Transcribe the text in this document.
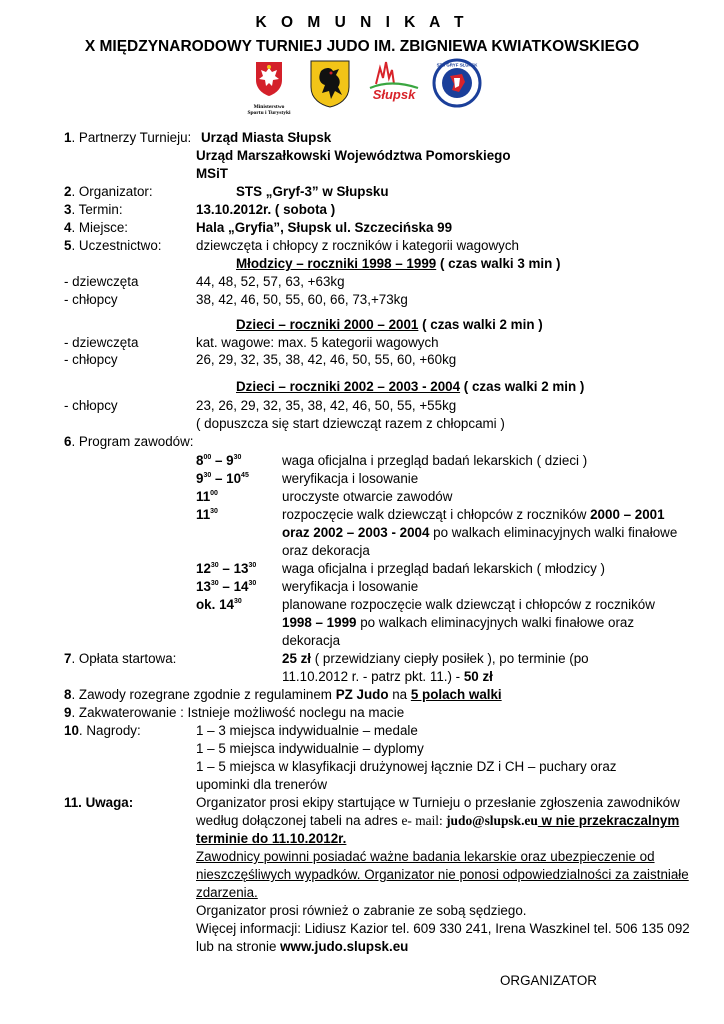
K O M U N I K A T
X MIĘDZYNARODOWY TURNIEJ JUDO IM. ZBIGNIEWA KWIATKOWSKIEGO
Ministerstwo
Sportu i Turystyki
Słupsk
STS GRYF SŁUPSK
1. Partnerzy Turnieju: Urząd Miasta Słupsk
Urząd Marszałkowski Województwa Pomorskiego
MSiT
2. Organizator:	STS „Gryf-3” w Słupsku
3. Termin:	13.10.2012r. ( sobota )
4. Miejsce:	Hala „Gryfia”, Słupsk ul. Szczecińska 99
5. Uczestnictwo:	dziewczęta i chłopcy z roczników i kategorii wagowych
Młodzicy – roczniki 1998 – 1999 ( czas walki 3 min )
- dziewczęta	44, 48, 52, 57, 63, +63kg
- chłopcy	38, 42, 46, 50, 55, 60, 66, 73,+73kg
Dzieci – roczniki 2000 – 2001 ( czas walki 2 min )
- dziewczęta	kat. wagowe: max. 5 kategorii wagowych
- chłopcy	26, 29, 32, 35, 38, 42, 46, 50, 55, 60, +60kg
Dzieci – roczniki 2002 – 2003 - 2004 ( czas walki 2 min )
- chłopcy	23, 26, 29, 32, 35, 38, 42, 46, 50, 55, +55kg
( dopuszcza się start dziewcząt razem z chłopcami )
6. Program zawodów:
$8^{00} - 9^{30}$	waga oficjalna i przegląd badań lekarskich ( dzieci )
$9^{30} - 10^{45}$ weryfikacja i losowanie
$11^{00}$	uroczyste otwarcie zawodów
$11^{30}$	rozpoczęcie walk dziewcząt i chłopców z roczników 2000 – 2001
oraz 2002 – 2003 - 2004 po walkach eliminacyjnych walki finałowe
oraz dekoracja
$12^{30} - 13^{30}$ waga oficjalna i przegląd badań lekarskich ( młodzicy )
$13^{30} - 14^{30}$ weryfikacja i losowanie
ok. $14^{30}$	planowane rozpoczęcie walk dziewcząt i chłopców z roczników
1998 – 1999 po walkach eliminacyjnych walki finałowe oraz
dekoracja
7. Opłata startowa:	25 zł ( przewidziany ciepły posiłek ), po terminie (po
11.10.2012 r. - patrz pkt. 11.) - 50 zł
8. Zawody rozegrane zgodnie z regulaminem PZ Judo na 5 polach walki
9. Zakwaterowanie : Istnieje możliwość noclegu na macie
10. Nagrody:	1 – 3 miejsca indywidualnie – medale
1 – 5 miejsca indywidualnie – dyplomy
1 – 5 miejsca w klasyfikacji drużynowej łącznie DZ i CH – puchary oraz
upominki dla trenerów
11. Uwaga:	Organizator prosi ekipy startujące w Turnieju o przesłanie zgłoszenia zawodników
według dołączonej tabeli na adres e- mail: judo@slupsk.eu w nie przekraczalnym
terminie do 11.10.2012r.
Zawodnicy powinni posiadać ważne badania lekarskie oraz ubezpieczenie od
nieszczęśliwych wypadków. Organizator nie ponosi odpowiedzialności za zaistniałe
zdarzenia.
Organizator prosi również o zabranie ze sobą sędziego.
Więcej informacji: Lidiusz Kazior tel. 609 330 241, Irena Waszkinel tel. 506 135 092
lub na stronie www.judo.slupsk.eu
ORGANIZATOR
